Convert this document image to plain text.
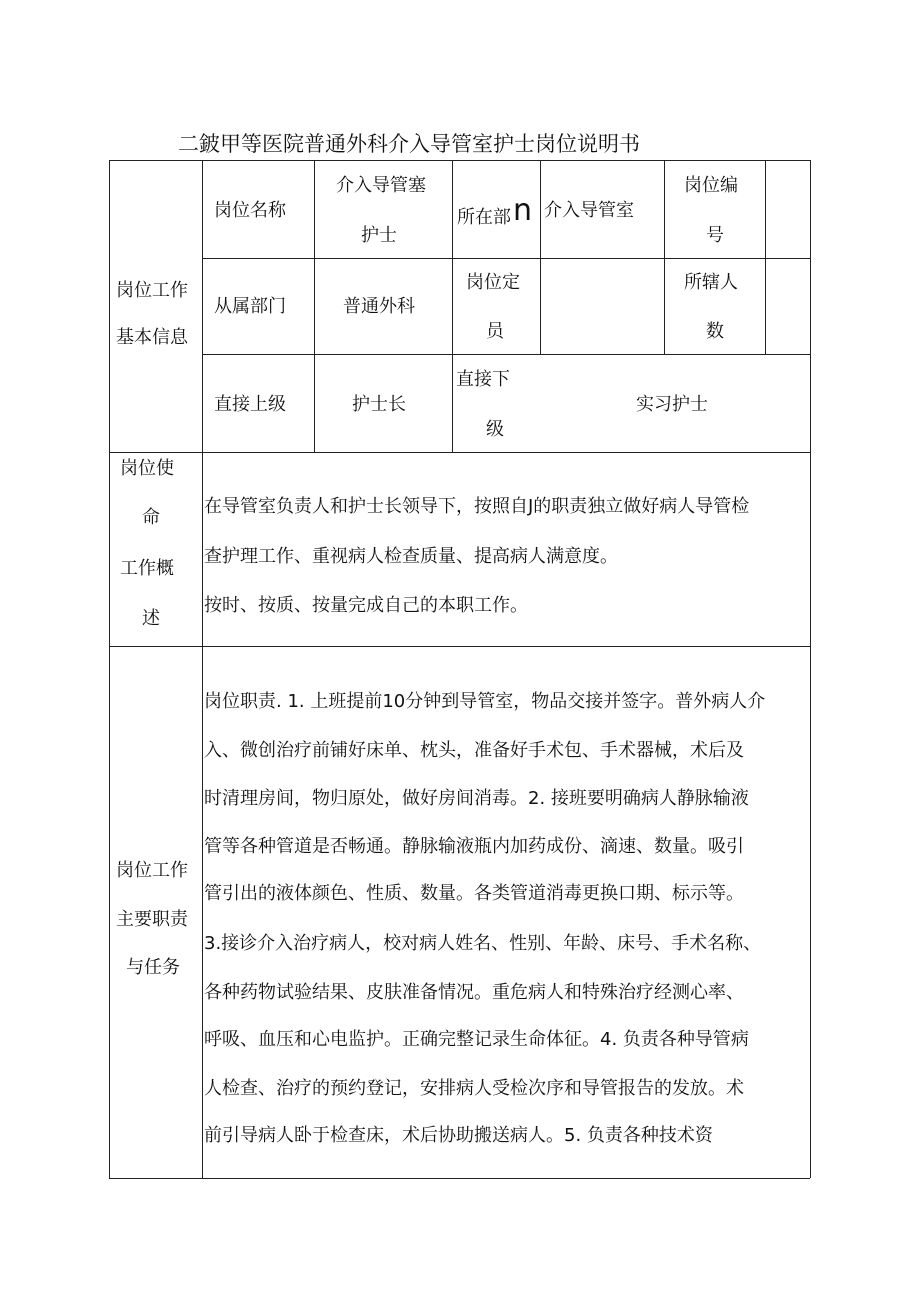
二鈹甲等医院普通外科介入导管室护士岗位说明书
岗位工作
基本信息
岗位名称
介入导管塞
护士
所在部 n 介入导管室
岗位编
号
从属部门	普通外科
岗位定
员
所辖人
数
直接上级	护士长
直接下
级
实习护士
岗位使
命
工作概
述
在导管室负责人和护士长领导下，按照自J的职责独立做好病人导管检
查护理工作、重视病人检查质量、提高病人满意度。
按时、按质、按量完成自己的本职工作。
岗位工作
主要职责
与任务
岗位职责. 1. 上班提前10分钟到导管室，物品交接并签字。普外病人介
入、微创治疗前铺好床单、枕头，准备好手术包、手术器械，术后及
时清理房间，物归原处，做好房间消毒。2. 接班要明确病人静脉输液
管等各种管道是否畅通。静脉输液瓶内加药成份、滴速、数量。吸引
管引出的液体颜色、性质、数量。各类管道消毒更换口期、标示等。
3.接诊介入治疗病人，校对病人姓名、性别、年龄、床号、手术名称、
各种药物试验结果、皮肤准备情况。重危病人和特殊治疗经测心率、
呼吸、血压和心电监护。正确完整记录生命体征。4. 负责各种导管病
人检查、治疗的预约登记，安排病人受检次序和导管报告的发放。术
前引导病人卧于检查床，术后协助搬送病人。5. 负责各种技术资
